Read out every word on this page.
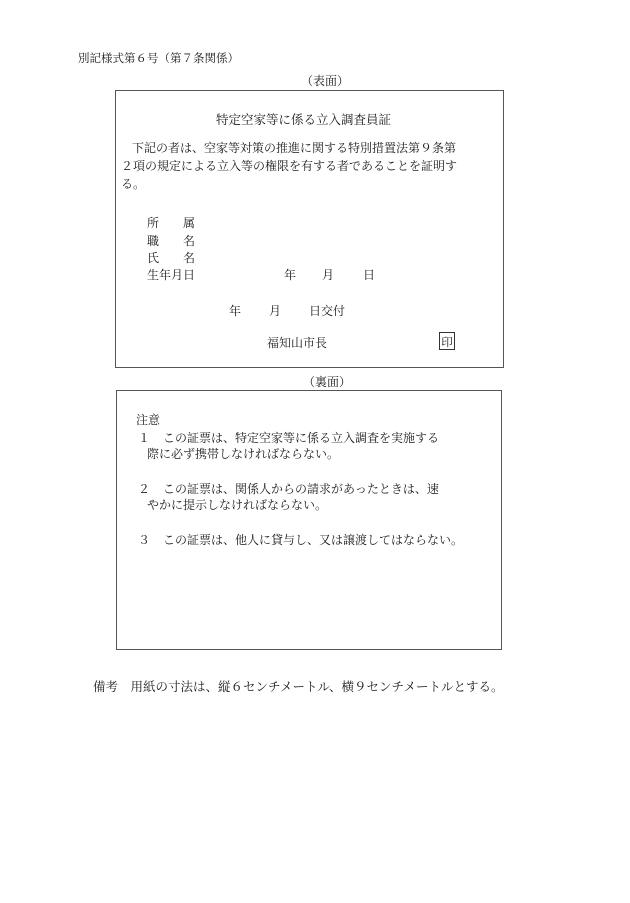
別記様式第６号（第７条関係）
（表面）
特定空家等に係る立入調査員証
下記の者は、空家等対策の推進に関する特別措置法第９条第
２項の規定による立入等の権限を有する者であることを証明す
る。
所　　属
職　　名
氏　　名
生年月日	年 月 日
年 月 日交付
福知山市長	印
（裏面）
注意
１ この証票は、特定空家等に係る立入調査を実施する
際に必ず携帯しなければならない。
２ この証票は、関係人からの請求があったときは、速
やかに提示しなければならない。
３ この証票は、他人に貸与し、又は譲渡してはならない。
備考　用紙の寸法は、縦６センチメートル、横９センチメートルとする。
